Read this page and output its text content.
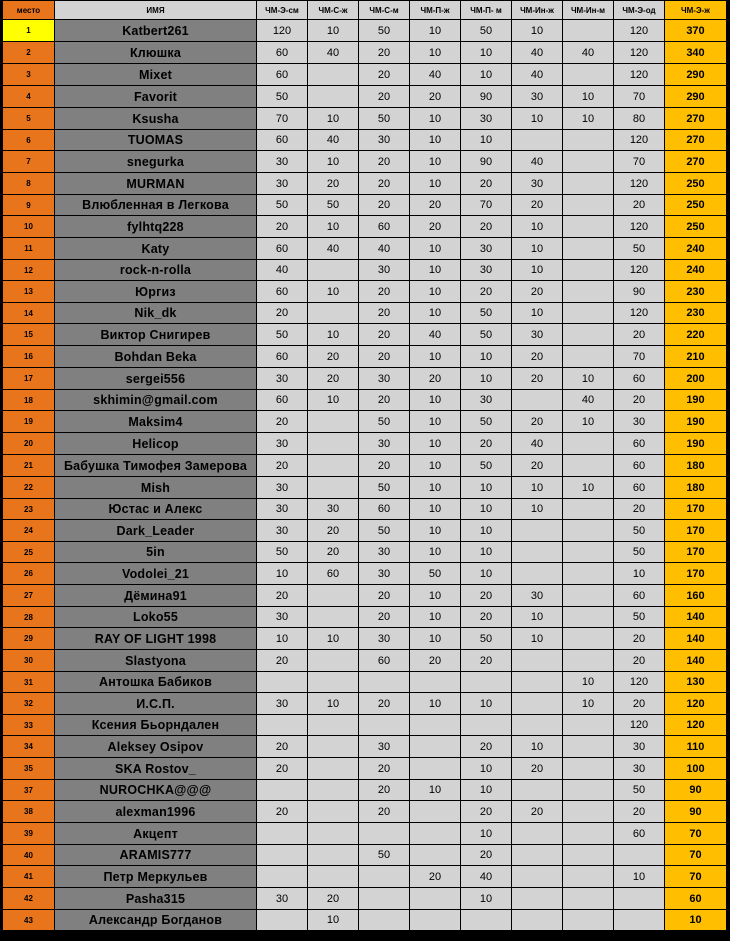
место	ИМЯ	ЧМ-Э-см	ЧМ-С-ж	ЧМ-С-м	ЧМ-П-ж	ЧМ-П- м	ЧМ-Ин-ж	ЧМ-Ин-м	ЧМ-Э-од	ЧМ-Э-ж
1	Katbert261	120	10	50	10	50	10		120	370
2	Клюшка	60	40	20	10	10	40	40	120	340
3	Mixet	60		20	40	10	40		120	290
4	Favorit	50		20	20	90	30	10	70	290
5	Ksusha	70	10	50	10	30	10	10	80	270
6	TUOMAS	60	40	30	10	10			120	270
7	snegurka	30	10	20	10	90	40		70	270
8	MURMAN	30	20	20	10	20	30		120	250
9	Влюбленная в Легкова	50	50	20	20	70	20		20	250
10	fylhtq228	20	10	60	20	20	10		120	250
11	Katy	60	40	40	10	30	10		50	240
12	rock-n-rolla	40		30	10	30	10		120	240
13	Юргиз	60	10	20	10	20	20		90	230
14	Nik_dk	20		20	10	50	10		120	230
15	Виктор Снигирев	50	10	20	40	50	30		20	220
16	Bohdan Beka	60	20	20	10	10	20		70	210
17	sergei556	30	20	30	20	10	20	10	60	200
18	skhimin@gmail.com	60	10	20	10	30		40	20	190
19	Maksim4	20		50	10	50	20	10	30	190
20	Helicop	30		30	10	20	40		60	190
21	Бабушка Тимофея Замерова	20		20	10	50	20		60	180
22	Mish	30		50	10	10	10	10	60	180
23	Юстас и Алекс	30	30	60	10	10	10		20	170
24	Dark_Leader	30	20	50	10	10			50	170
25	5in	50	20	30	10	10			50	170
26	Vodolei_21	10	60	30	50	10			10	170
27	Дёмина91	20		20	10	20	30		60	160
28	Loko55	30		20	10	20	10		50	140
29	RAY OF LIGHT 1998	10	10	30	10	50	10		20	140
30	Slastyona	20		60	20	20			20	140
31	Антошка Бабиков							10	120	130
32	И.С.П.	30	10	20	10	10		10	20	120
33	Ксения Бьорндален								120	120
34	Aleksey Osipov	20		30		20	10		30	110
35	SKA Rostov_	20		20		10	20		30	100
37	NUROCHKA@@@			20	10	10			50	90
38	alexman1996	20		20		20	20		20	90
39	Акцепт					10			60	70
40	ARAMIS777			50		20				70
41	Петр Меркульев				20	40			10	70
42	Pasha315	30	20			10				60
43	Александр Богданов		10							10
